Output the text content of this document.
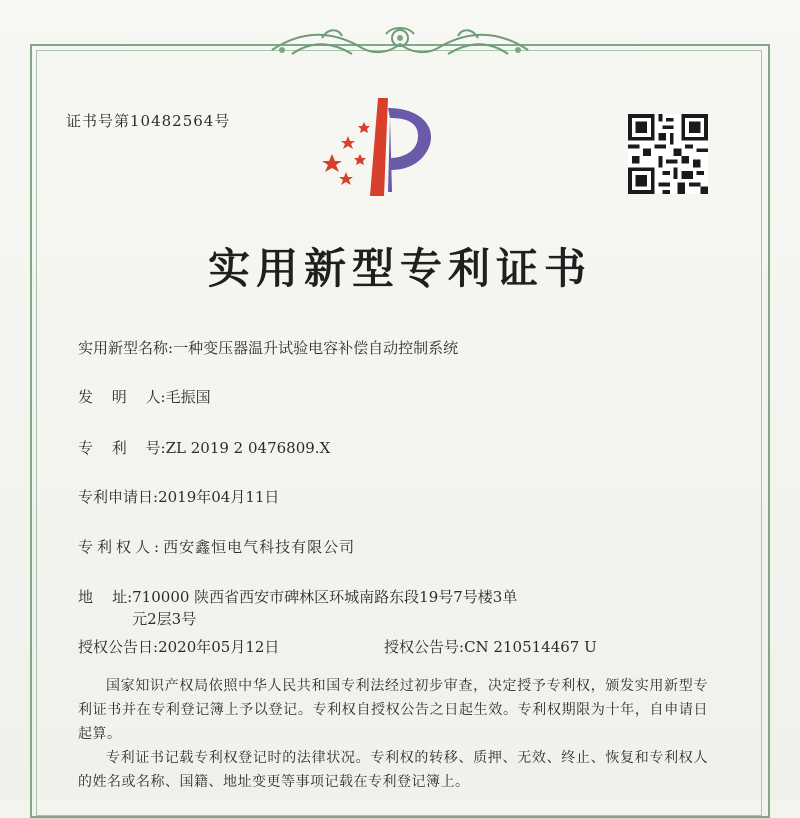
证书号第10482564号
实用新型专利证书
实用新型名称:一种变压器温升试验电容补偿自动控制系统
发 明 人:毛振国
专 利 号:ZL 2019 2 0476809.X
专利申请日:2019年04月11日
专利权人:西安鑫恒电气科技有限公司
地    址:710000 陕西省西安市碑林区环城南路东段19号7号楼3单
元2层3号
授权公告日:2020年05月12日	授权公告号:CN 210514467 U
国家知识产权局依照中华人民共和国专利法经过初步审查，决定授予专利权，颁发实用新型专利证书并在专利登记簿上予以登记。专利权自授权公告之日起生效。专利权期限为十年，自申请日起算。
专利证书记载专利权登记时的法律状况。专利权的转移、质押、无效、终止、恢复和专利权人的姓名或名称、国籍、地址变更等事项记载在专利登记簿上。
